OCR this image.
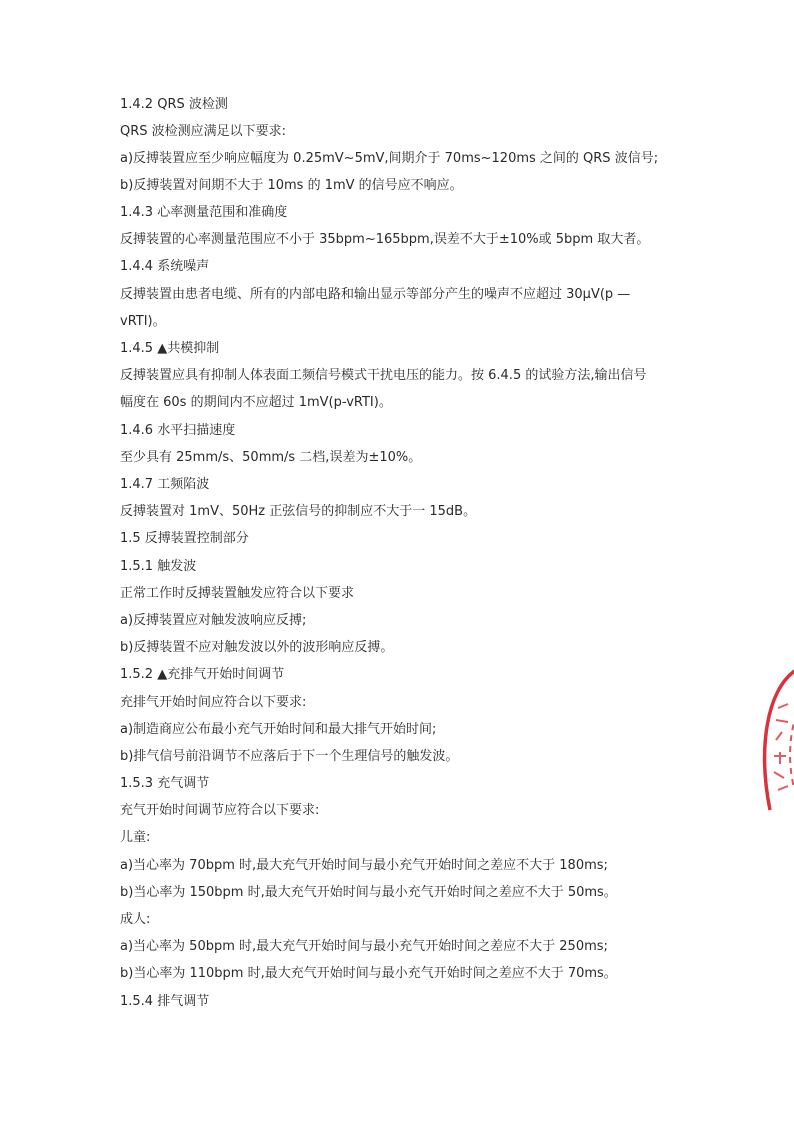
1.4.2 QRS 波检测
QRS 波检测应满足以下要求:
a)反搏装置应至少响应幅度为 0.25mV~5mV,间期介于 70ms~120ms 之间的 QRS 波信号;
b)反搏装置对间期不大于 10ms 的 1mV 的信号应不响应。
1.4.3 心率测量范围和准确度
反搏装置的心率测量范围应不小于 35bpm~165bpm,误差不大于±10%或 5bpm 取大者。
1.4.4 系统噪声
反搏装置由患者电缆、所有的内部电路和输出显示等部分产生的噪声不应超过 30µV(p —
vRTI)。
1.4.5 ▲共模抑制
反搏装置应具有抑制人体表面工频信号模式干扰电压的能力。按 6.4.5 的试验方法,输出信号
幅度在 60s 的期间内不应超过 1mV(p-vRTI)。
1.4.6 水平扫描速度
至少具有 25mm/s、50mm/s 二档,误差为±10%。
1.4.7 工频陷波
反搏装置对 1mV、50Hz 正弦信号的抑制应不大于一 15dB。
1.5 反搏装置控制部分
1.5.1 触发波
正常工作时反搏装置触发应符合以下要求
a)反搏装置应对触发波响应反搏;
b)反搏装置不应对触发波以外的波形响应反搏。
1.5.2 ▲充排气开始时间调节
充排气开始时间应符合以下要求:
a)制造商应公布最小充气开始时间和最大排气开始时间;
b)排气信号前沿调节不应落后于下一个生理信号的触发波。
1.5.3 充气调节
充气开始时间调节应符合以下要求:
儿童:
a)当心率为 70bpm 时,最大充气开始时间与最小充气开始时间之差应不大于 180ms;
b)当心率为 150bpm 时,最大充气开始时间与最小充气开始时间之差应不大于 50ms。
成人:
a)当心率为 50bpm 时,最大充气开始时间与最小充气开始时间之差应不大于 250ms;
b)当心率为 110bpm 时,最大充气开始时间与最小充气开始时间之差应不大于 70ms。
1.5.4 排气调节
